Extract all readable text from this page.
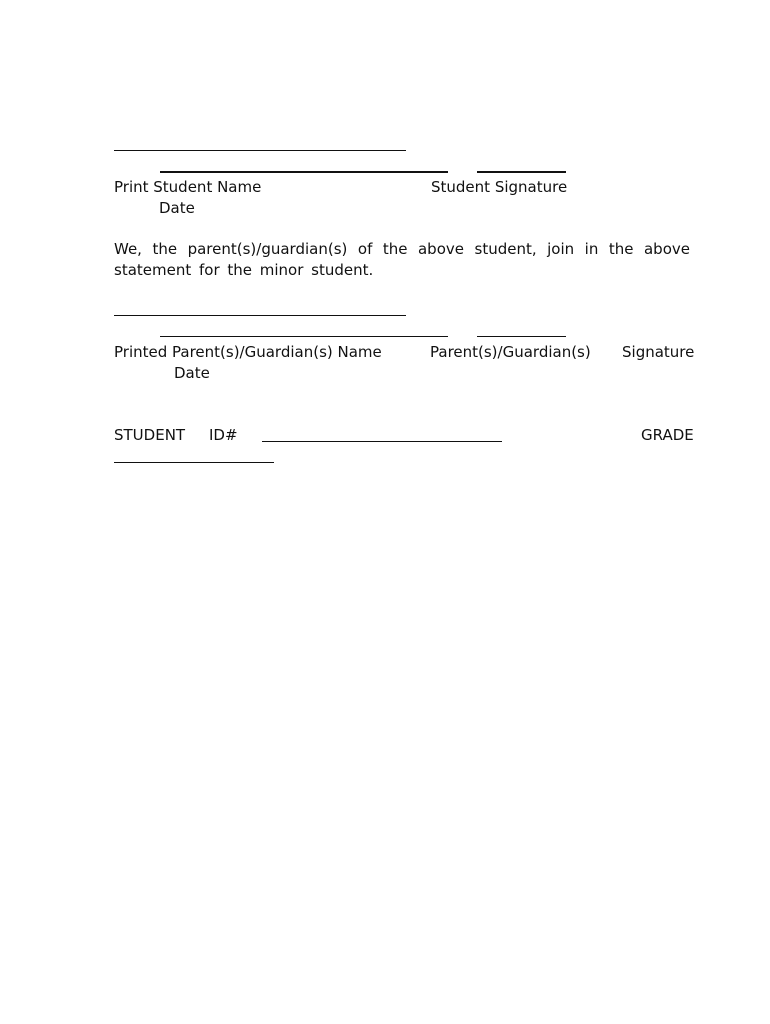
Print Student Name	Student Signature
Date
We, the parent(s)/guardian(s) of the above student, join in the above statement for the minor student.
Printed Parent(s)/Guardian(s) Name	Parent(s)/Guardian(s) Signature
Date
STUDENT ID#	GRADE
